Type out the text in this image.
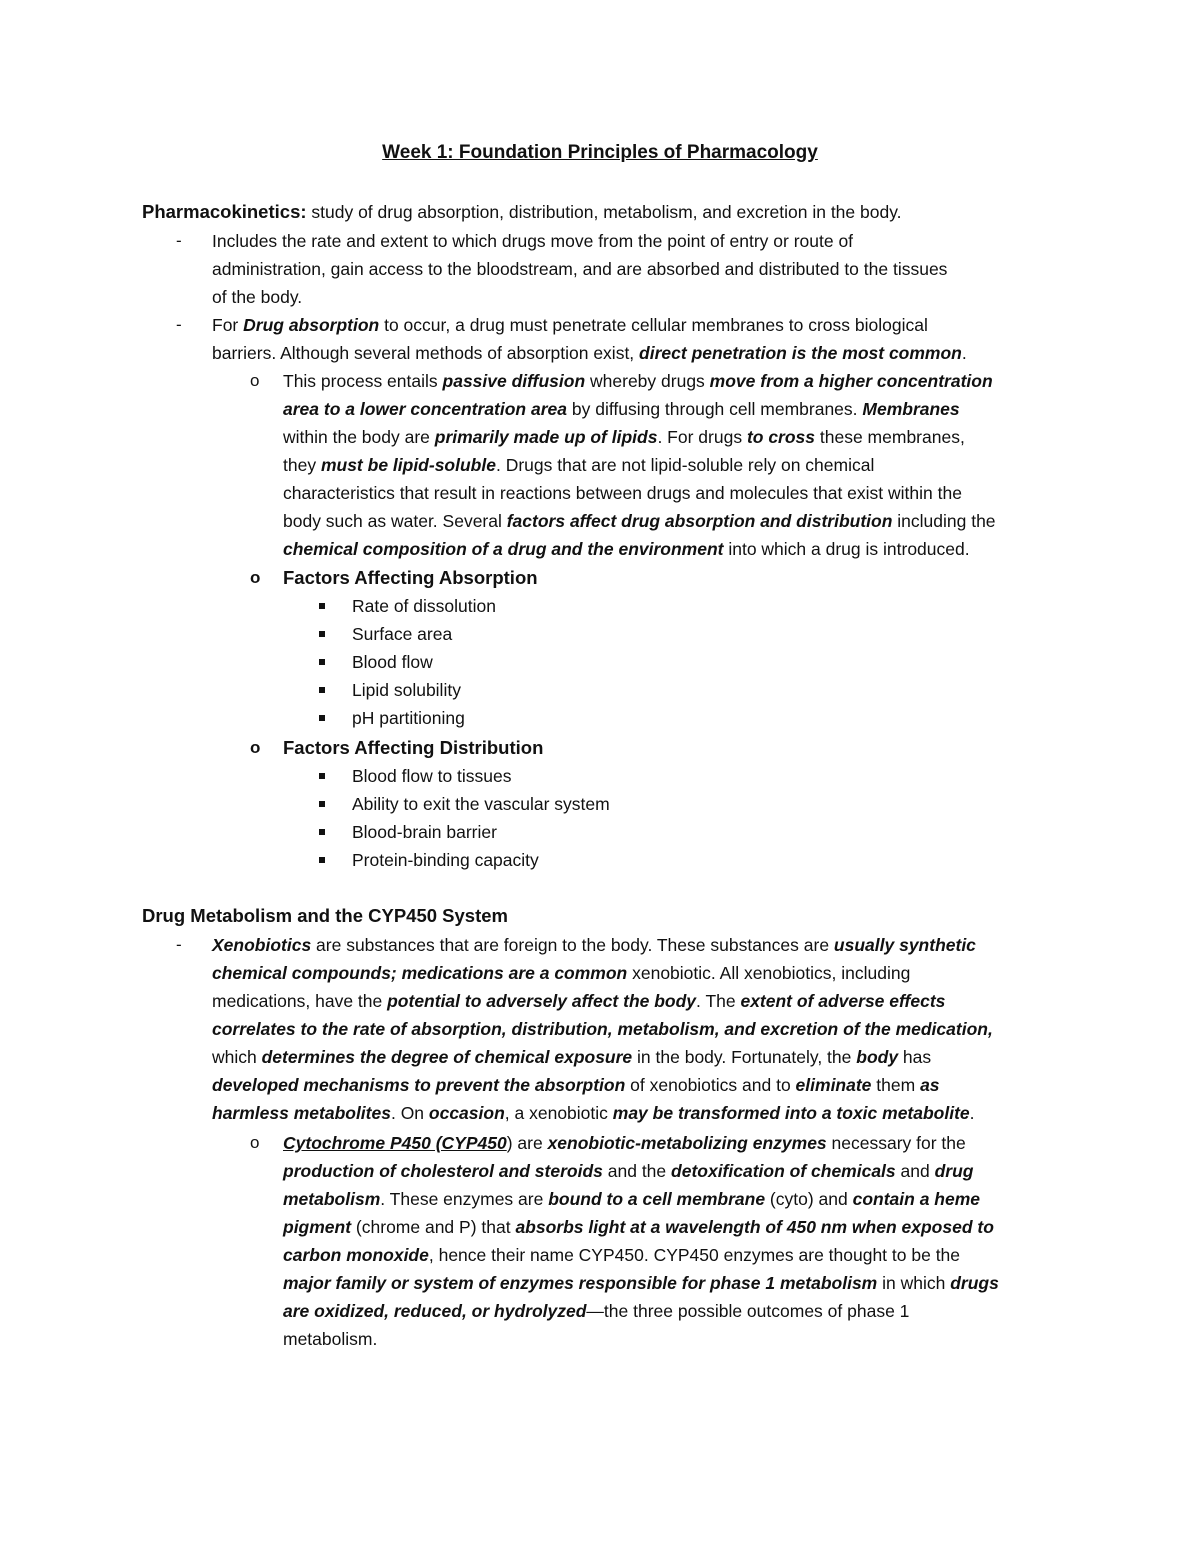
Week 1: Foundation Principles of Pharmacology
Pharmacokinetics: study of drug absorption, distribution, metabolism, and excretion in the body.
- Includes the rate and extent to which drugs move from the point of entry or route of
administration, gain access to the bloodstream, and are absorbed and distributed to the tissues
of the body.
- For Drug absorption to occur, a drug must penetrate cellular membranes to cross biological
barriers. Although several methods of absorption exist, direct penetration is the most common.
o This process entails passive diffusion whereby drugs move from a higher concentration
area to a lower concentration area by diffusing through cell membranes. Membranes
within the body are primarily made up of lipids. For drugs to cross these membranes,
they must be lipid-soluble. Drugs that are not lipid-soluble rely on chemical
characteristics that result in reactions between drugs and molecules that exist within the
body such as water. Several factors affect drug absorption and distribution including the
chemical composition of a drug and the environment into which a drug is introduced.
o Factors Affecting Absorption
Rate of dissolution
Surface area
Blood flow
Lipid solubility
pH partitioning
o Factors Affecting Distribution
Blood flow to tissues
Ability to exit the vascular system
Blood-brain barrier
Protein-binding capacity
Drug Metabolism and the CYP450 System
- Xenobiotics are substances that are foreign to the body. These substances are usually synthetic
chemical compounds; medications are a common xenobiotic. All xenobiotics, including
medications, have the potential to adversely affect the body. The extent of adverse effects
correlates to the rate of absorption, distribution, metabolism, and excretion of the medication,
which determines the degree of chemical exposure in the body. Fortunately, the body has
developed mechanisms to prevent the absorption of xenobiotics and to eliminate them as
harmless metabolites. On occasion, a xenobiotic may be transformed into a toxic metabolite.
o Cytochrome P450 (CYP450) are xenobiotic-metabolizing enzymes necessary for the
production of cholesterol and steroids and the detoxification of chemicals and drug
metabolism. These enzymes are bound to a cell membrane (cyto) and contain a heme
pigment (chrome and P) that absorbs light at a wavelength of 450 nm when exposed to
carbon monoxide, hence their name CYP450. CYP450 enzymes are thought to be the
major family or system of enzymes responsible for phase 1 metabolism in which drugs
are oxidized, reduced, or hydrolyzed—the three possible outcomes of phase 1
metabolism.
